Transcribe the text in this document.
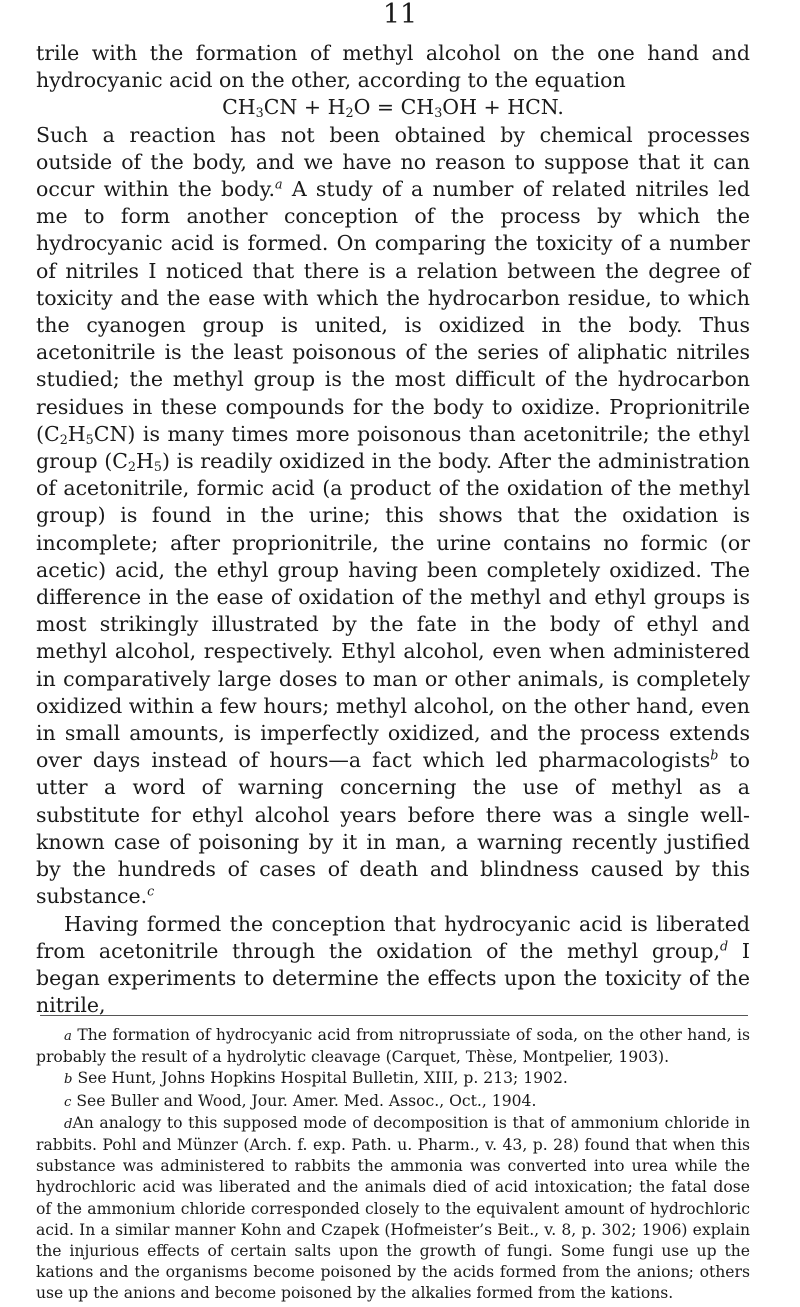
11

trile with the formation of methyl alcohol on the one hand and hydrocyanic acid on the other, according to the equation

$CH_3CN + H_2O = CH_3OH$ + HCN.

Such a reaction has not been obtained by chemical processes outside of the body, and we have no reason to suppose that it can occur within the body.$^a$ A study of a number of related nitriles led me to form another conception of the process by which the hydrocyanic acid is formed. On comparing the toxicity of a number of nitriles I noticed that there is a relation between the degree of toxicity and the ease with which the hydrocarbon residue, to which the cyanogen group is united, is oxidized in the body. Thus acetonitrile is the least poisonous of the series of aliphatic nitriles studied; the methyl group is the most difficult of the hydrocarbon residues in these compounds for the body to oxidize. Proprionitrile $(C_2H_5CN)$ is many times more poisonous than acetonitrile; the ethyl group $(C_2H_5)$ is readily oxidized in the body. After the administration of acetonitrile, formic acid (a product of the oxidation of the methyl group) is found in the urine; this shows that the oxidation is incomplete; after proprionitrile, the urine contains no formic (or acetic) acid, the ethyl group having been completely oxidized. The difference in the ease of oxidation of the methyl and ethyl groups is most strikingly illustrated by the fate in the body of ethyl and methyl alcohol, respectively. Ethyl alcohol, even when administered in comparatively large doses to man or other animals, is completely oxidized within a few hours; methyl alcohol, on the other hand, even in small amounts, is imperfectly oxidized, and the process extends over days instead of hours—a fact which led pharmacologists$^b$ to utter a word of warning concerning the use of methyl as a substitute for ethyl alcohol years before there was a single well-known case of poisoning by it in man, a warning recently justified by the hundreds of cases of death and blindness caused by this substance.$^c$

Having formed the conception that hydrocyanic acid is liberated from acetonitrile through the oxidation of the methyl group,$^d$ I began experiments to determine the effects upon the toxicity of the nitrile,

a The formation of hydrocyanic acid from nitroprussiate of soda, on the other hand, is probably the result of a hydrolytic cleavage (Carquet, Thèse, Montpelier, 1903).

b See Hunt, Johns Hopkins Hospital Bulletin, XIII, p. 213; 1902.

c See Buller and Wood, Jour. Amer. Med. Assoc., Oct., 1904.

dAn analogy to this supposed mode of decomposition is that of ammonium chloride in rabbits. Pohl and Münzer (Arch. f. exp. Path. u. Pharm., v. 43, p. 28) found that when this substance was administered to rabbits the ammonia was converted into urea while the hydrochloric acid was liberated and the animals died of acid intoxication; the fatal dose of the ammonium chloride corresponded closely to the equivalent amount of hydrochloric acid. In a similar manner Kohn and Czapek (Hofmeister’s Beit., v. 8, p. 302; 1906) explain the injurious effects of certain salts upon the growth of fungi. Some fungi use up the kations and the organisms become poisoned by the acids formed from the anions; others use up the anions and become poisoned by the alkalies formed from the kations.
